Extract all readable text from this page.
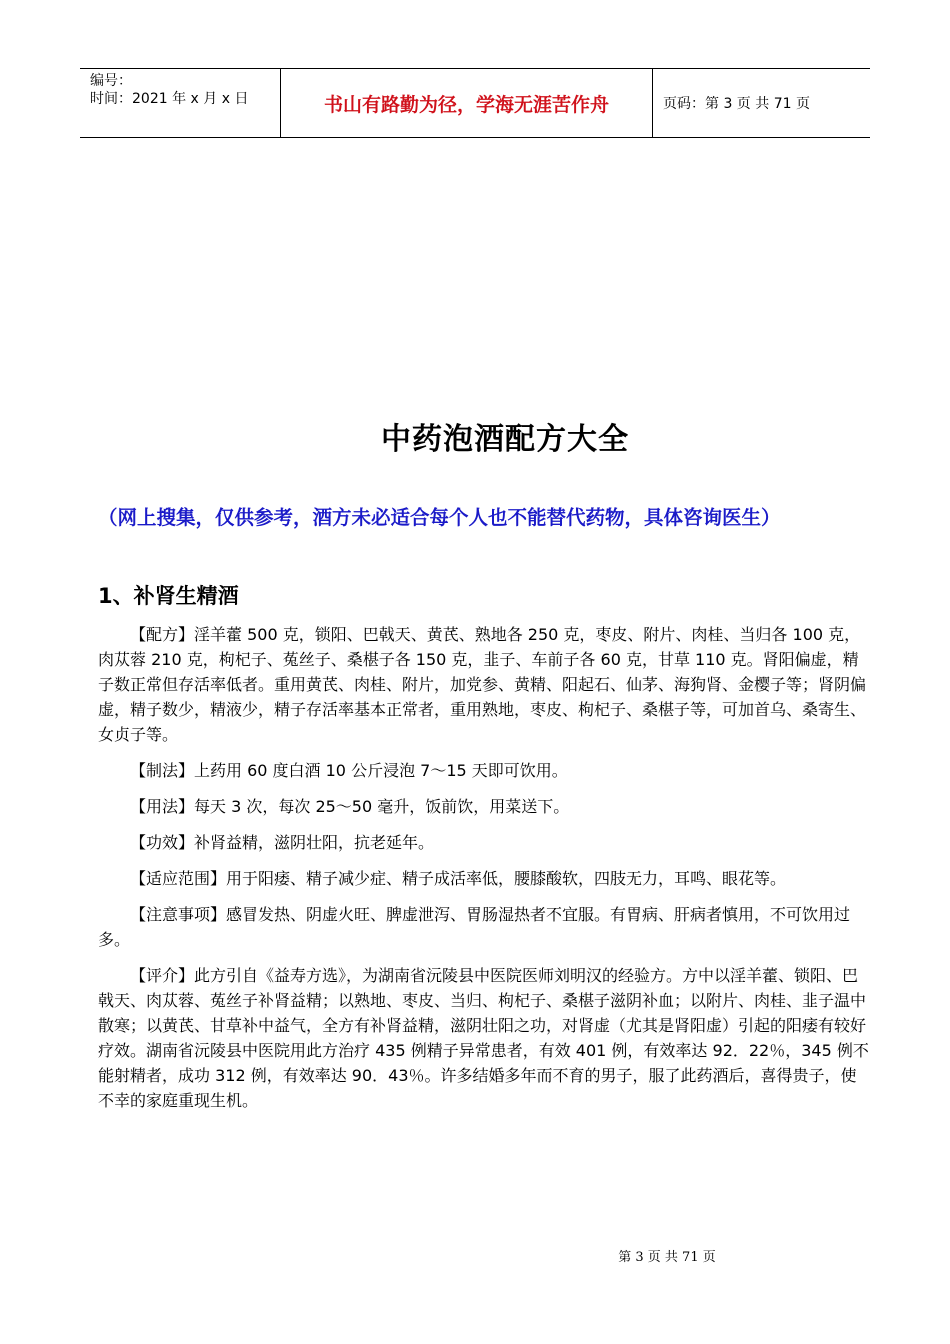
编号：
时间：2021 年 x 月 x 日	书山有路勤为径，学海无涯苦作舟	页码：第 3 页 共 71 页
中药泡酒配方大全
（网上搜集，仅供参考，酒方未必适合每个人也不能替代药物，具体咨询医生）
1、补肾生精酒

【配方】淫羊藿 500 克，锁阳、巴戟天、黄芪、熟地各 250 克，枣皮、附片、肉桂、当归各 100 克，肉苁蓉 210 克，枸杞子、菟丝子、桑椹子各 150 克，韭子、车前子各 60 克，甘草 110 克。肾阳偏虚，精子数正常但存活率低者。重用黄芪、肉桂、附片，加党参、黄精、阳起石、仙茅、海狗肾、金樱子等；肾阴偏虚，精子数少，精液少，精子存活率基本正常者，重用熟地，枣皮、枸杞子、桑椹子等，可加首乌、桑寄生、女贞子等。

【制法】上药用 60 度白酒 10 公斤浸泡 7～15 天即可饮用。

【用法】每天 3 次，每次 25～50 毫升，饭前饮，用菜送下。

【功效】补肾益精，滋阴壮阳，抗老延年。

【适应范围】用于阳痿、精子减少症、精子成活率低，腰膝酸软，四肢无力，耳鸣、眼花等。

【注意事项】感冒发热、阴虚火旺、脾虚泄泻、胃肠湿热者不宜服。有胃病、肝病者慎用，不可饮用过多。

【评介】此方引自《益寿方选》，为湖南省沅陵县中医院医师刘明汉的经验方。方中以淫羊藿、锁阳、巴戟天、肉苁蓉、菟丝子补肾益精；以熟地、枣皮、当归、枸杞子、桑椹子滋阴补血；以附片、肉桂、韭子温中散寒；以黄芪、甘草补中益气，全方有补肾益精，滋阴壮阳之功，对肾虚（尤其是肾阳虚）引起的阳痿有较好疗效。湖南省沅陵县中医院用此方治疗 435 例精子异常患者，有效 401 例，有效率达 92．22％，345 例不能射精者，成功 312 例，有效率达 90．43％。许多结婚多年而不育的男子，服了此药酒后，喜得贵子，使不幸的家庭重现生机。

第 3 页 共 71 页
